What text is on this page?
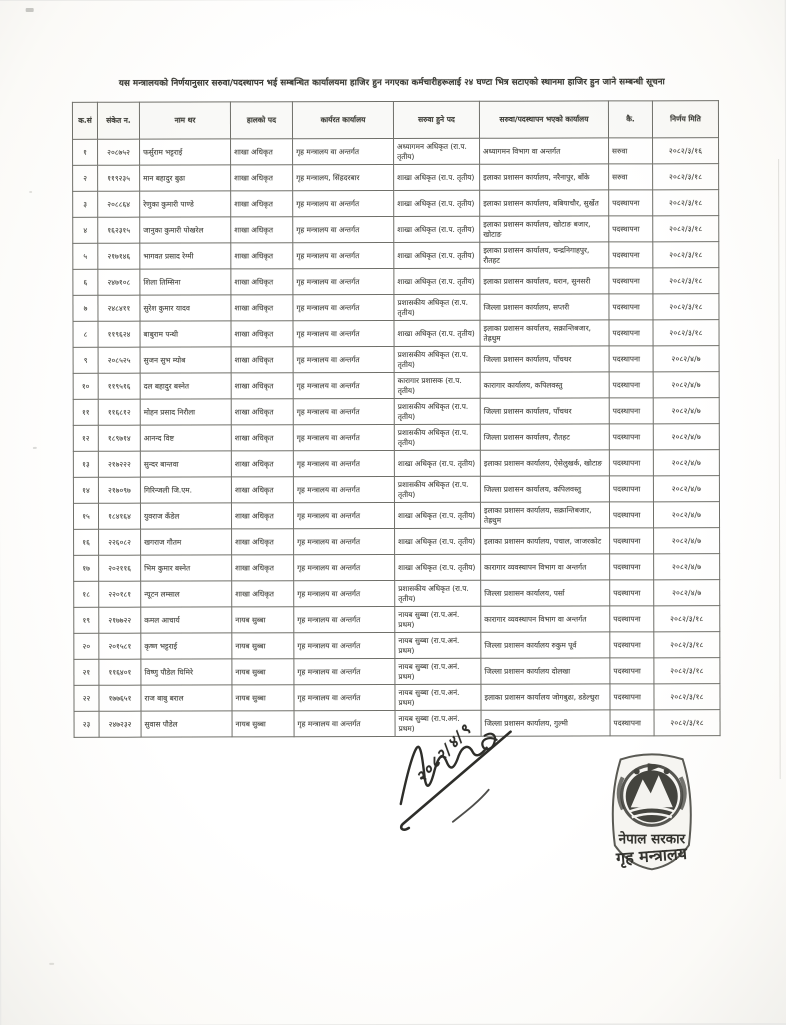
यस मन्त्रालयको निर्णयानुसार सरुवा/पदस्थापन भई सम्बन्धित कार्यालयमा हाजिर हुन नगएका कर्मचारीहरूलाई २४ घण्टा भित्र सटाएको स्थानमा हाजिर हुन जाने सम्बन्धी सूचना
क.सं	संकेत न.	नाम थर	हालको पद	कार्यरत कार्यालय	सरुवा हुने पद	सरुवा/पदस्थापन भएको कार्यालय	कै.	निर्णय मिति
१	२०८७५२	फर्सुराम भट्टराई	शाखा अधिकृत	गृह मन्त्रालय वा अन्तर्गत	अध्यागमन अधिकृत (रा.प. तृतीय)	अध्यागमन विभाग वा अन्तर्गत	सरुवा	२०८२/३/१६
२	११९२३५	मान बहादुर बुढा	शाखा अधिकृत	गृह मन्त्रालय, सिंहदरबार	शाखा अधिकृत (रा.प. तृतीय)	इलाका प्रशासन कार्यालय, नरैनापुर, बाँके	सरुवा	२०८२/३/१८
३	२०८८६४	रेणुका कुमारी पाण्डे	शाखा अधिकृत	गृह मन्त्रालय वा अन्तर्गत	शाखा अधिकृत (रा.प. तृतीय)	इलाका प्रशासन कार्यालय, बबियाचौर, सुर्खेत	पदस्थापना	२०८२/३/१८
४	१६२३१५	जानुका कुमारी पोखरेल	शाखा अधिकृत	गृह मन्त्रालय वा अन्तर्गत	शाखा अधिकृत (रा.प. तृतीय)	इलाका प्रशासन कार्यालय, खोटाङ बजार, खोटाङ	पदस्थापना	२०८२/३/१८
५	२१७१४६	भागवत प्रसाद रेग्मी	शाखा अधिकृत	गृह मन्त्रालय वा अन्तर्गत	शाखा अधिकृत (रा.प. तृतीय)	इलाका प्रशासन कार्यालय, चन्द्रनिगाहपुर, रौतहट	पदस्थापना	२०८२/३/१८
६	२४७१०८	शिला तिम्सिना	शाखा अधिकृत	गृह मन्त्रालय वा अन्तर्गत	शाखा अधिकृत (रा.प. तृतीय)	इलाका प्रशासन कार्यालय, धरान, सुनसरी	पदस्थापना	२०८२/३/१८
७	२४८४११	सुरेश कुमार यादव	शाखा अधिकृत	गृह मन्त्रालय वा अन्तर्गत	प्रशासकीय अधिकृत (रा.प. तृतीय)	जिल्ला प्रशासन कार्यालय, सप्तरी	पदस्थापना	२०८२/३/१८
८	११९६२४	बाबुराम पन्थी	शाखा अधिकृत	गृह मन्त्रालय वा अन्तर्गत	शाखा अधिकृत (रा.प. तृतीय)	इलाका प्रशासन कार्यालय, सक्रान्तिबजार, तेह्रथुम	पदस्थापना	२०८२/३/१८
९	२०८५२५	सुजन सुभ म्योब	शाखा अधिकृत	गृह मन्त्रालय वा अन्तर्गत	प्रशासकीय अधिकृत (रा.प. तृतीय)	जिल्ला प्रशासन कार्यालय, पाँचथर	पदस्थापना	२०८२/४/७
१०	११९५१६	दल बहादुर बस्नेत	शाखा अधिकृत	गृह मन्त्रालय वा अन्तर्गत	कारागार प्रशासक (रा.प. तृतीय)	कारागार कार्यालय, कपिलवस्तु	पदस्थापना	२०८२/४/७
११	११६८१२	मोहन प्रसाद निरौला	शाखा अधिकृत	गृह मन्त्रालय वा अन्तर्गत	प्रशासकीय अधिकृत (रा.प. तृतीय)	जिल्ला प्रशासन कार्यालय, पाँचथर	पदस्थापना	२०८२/४/७
१२	१८९७१४	आनन्द विष्ट	शाखा अधिकृत	गृह मन्त्रालय वा अन्तर्गत	प्रशासकीय अधिकृत (रा.प. तृतीय)	जिल्ला प्रशासन कार्यालय, रौतहट	पदस्थापना	२०८२/४/७
१३	२१७२२२	सुन्दर बान्तवा	शाखा अधिकृत	गृह मन्त्रालय वा अन्तर्गत	शाखा अधिकृत (रा.प. तृतीय)	इलाका प्रशासन कार्यालय, ऐसेलुखर्क, खोटाङ	पदस्थापना	२०८२/४/७
१४	२१७०९७	गिरिन्जली जि.एम.	शाखा अधिकृत	गृह मन्त्रालय वा अन्तर्गत	प्रशासकीय अधिकृत (रा.प. तृतीय)	जिल्ला प्रशासन कार्यालय, कपिलवस्तु	पदस्थापना	२०८२/४/७
१५	१८४१६४	युवराज कँडेल	शाखा अधिकृत	गृह मन्त्रालय वा अन्तर्गत	शाखा अधिकृत (रा.प. तृतीय)	इलाका प्रशासन कार्यालय, सक्रान्तिबजार, तेह्रथुम	पदस्थापना	२०८२/४/७
१६	२२६०८२	खगराज गौतम	शाखा अधिकृत	गृह मन्त्रालय वा अन्तर्गत	शाखा अधिकृत (रा.प. तृतीय)	इलाका प्रशासन कार्यालय, पचाल, जाजरकोट	पदस्थापना	२०८२/४/७
१७	२०२११६	भिम कुमार बस्नेत	शाखा अधिकृत	गृह मन्त्रालय वा अन्तर्गत	शाखा अधिकृत (रा.प. तृतीय)	कारागार व्यवस्थापन विभाग वा अन्तर्गत	पदस्थापना	२०८२/४/७
१८	२२०१८१	न्यूटन लम्साल	शाखा अधिकृत	गृह मन्त्रालय वा अन्तर्गत	प्रशासकीय अधिकृत (रा.प. तृतीय)	जिल्ला प्रशासन कार्यालय, पर्सा	पदस्थापना	२०८२/४/७
१९	२१७७२२	कमल आचार्य	नायब सुब्बा	गृह मन्त्रालय वा अन्तर्गत	नायब सुब्बा (रा.प.अनं. प्रथम)	कारागार व्यवस्थापन विभाग वा अन्तर्गत	पदस्थापना	२०८२/३/१८
२०	२०१५८१	कृष्ण भट्टराई	नायब सुब्बा	गृह मन्त्रालय वा अन्तर्गत	नायब सुब्बा (रा.प.अनं. प्रथम)	जिल्ला प्रशासन कार्यालय रुकुम पूर्व	पदस्थापना	२०८२/३/१८
२१	११६४०१	विष्णु पौडेल घिमिरे	नायब सुब्बा	गृह मन्त्रालय वा अन्तर्गत	नायब सुब्बा (रा.प.अनं. प्रथम)	जिल्ला प्रशासन कार्यालय दोलखा	पदस्थापना	२०८२/३/१८
२२	१७७६५१	राज बाबु बराल	नायब सुब्बा	गृह मन्त्रालय वा अन्तर्गत	नायब सुब्बा (रा.प.अनं. प्रथम)	इलाका प्रशासन कार्यालय जोगबुढा, डडेल्धुरा	पदस्थापना	२०८२/३/१८
२३	२४७२३२	सुवास पौडेल	नायब सुब्बा	गृह मन्त्रालय वा अन्तर्गत	नायब सुब्बा (रा.प.अनं. प्रथम)	जिल्ला प्रशासन कार्यालय, गुल्मी	पदस्थापना	२०८२/३/१८
२०८२/४/९
नेपाल सरकार
गृह मन्त्रालय
